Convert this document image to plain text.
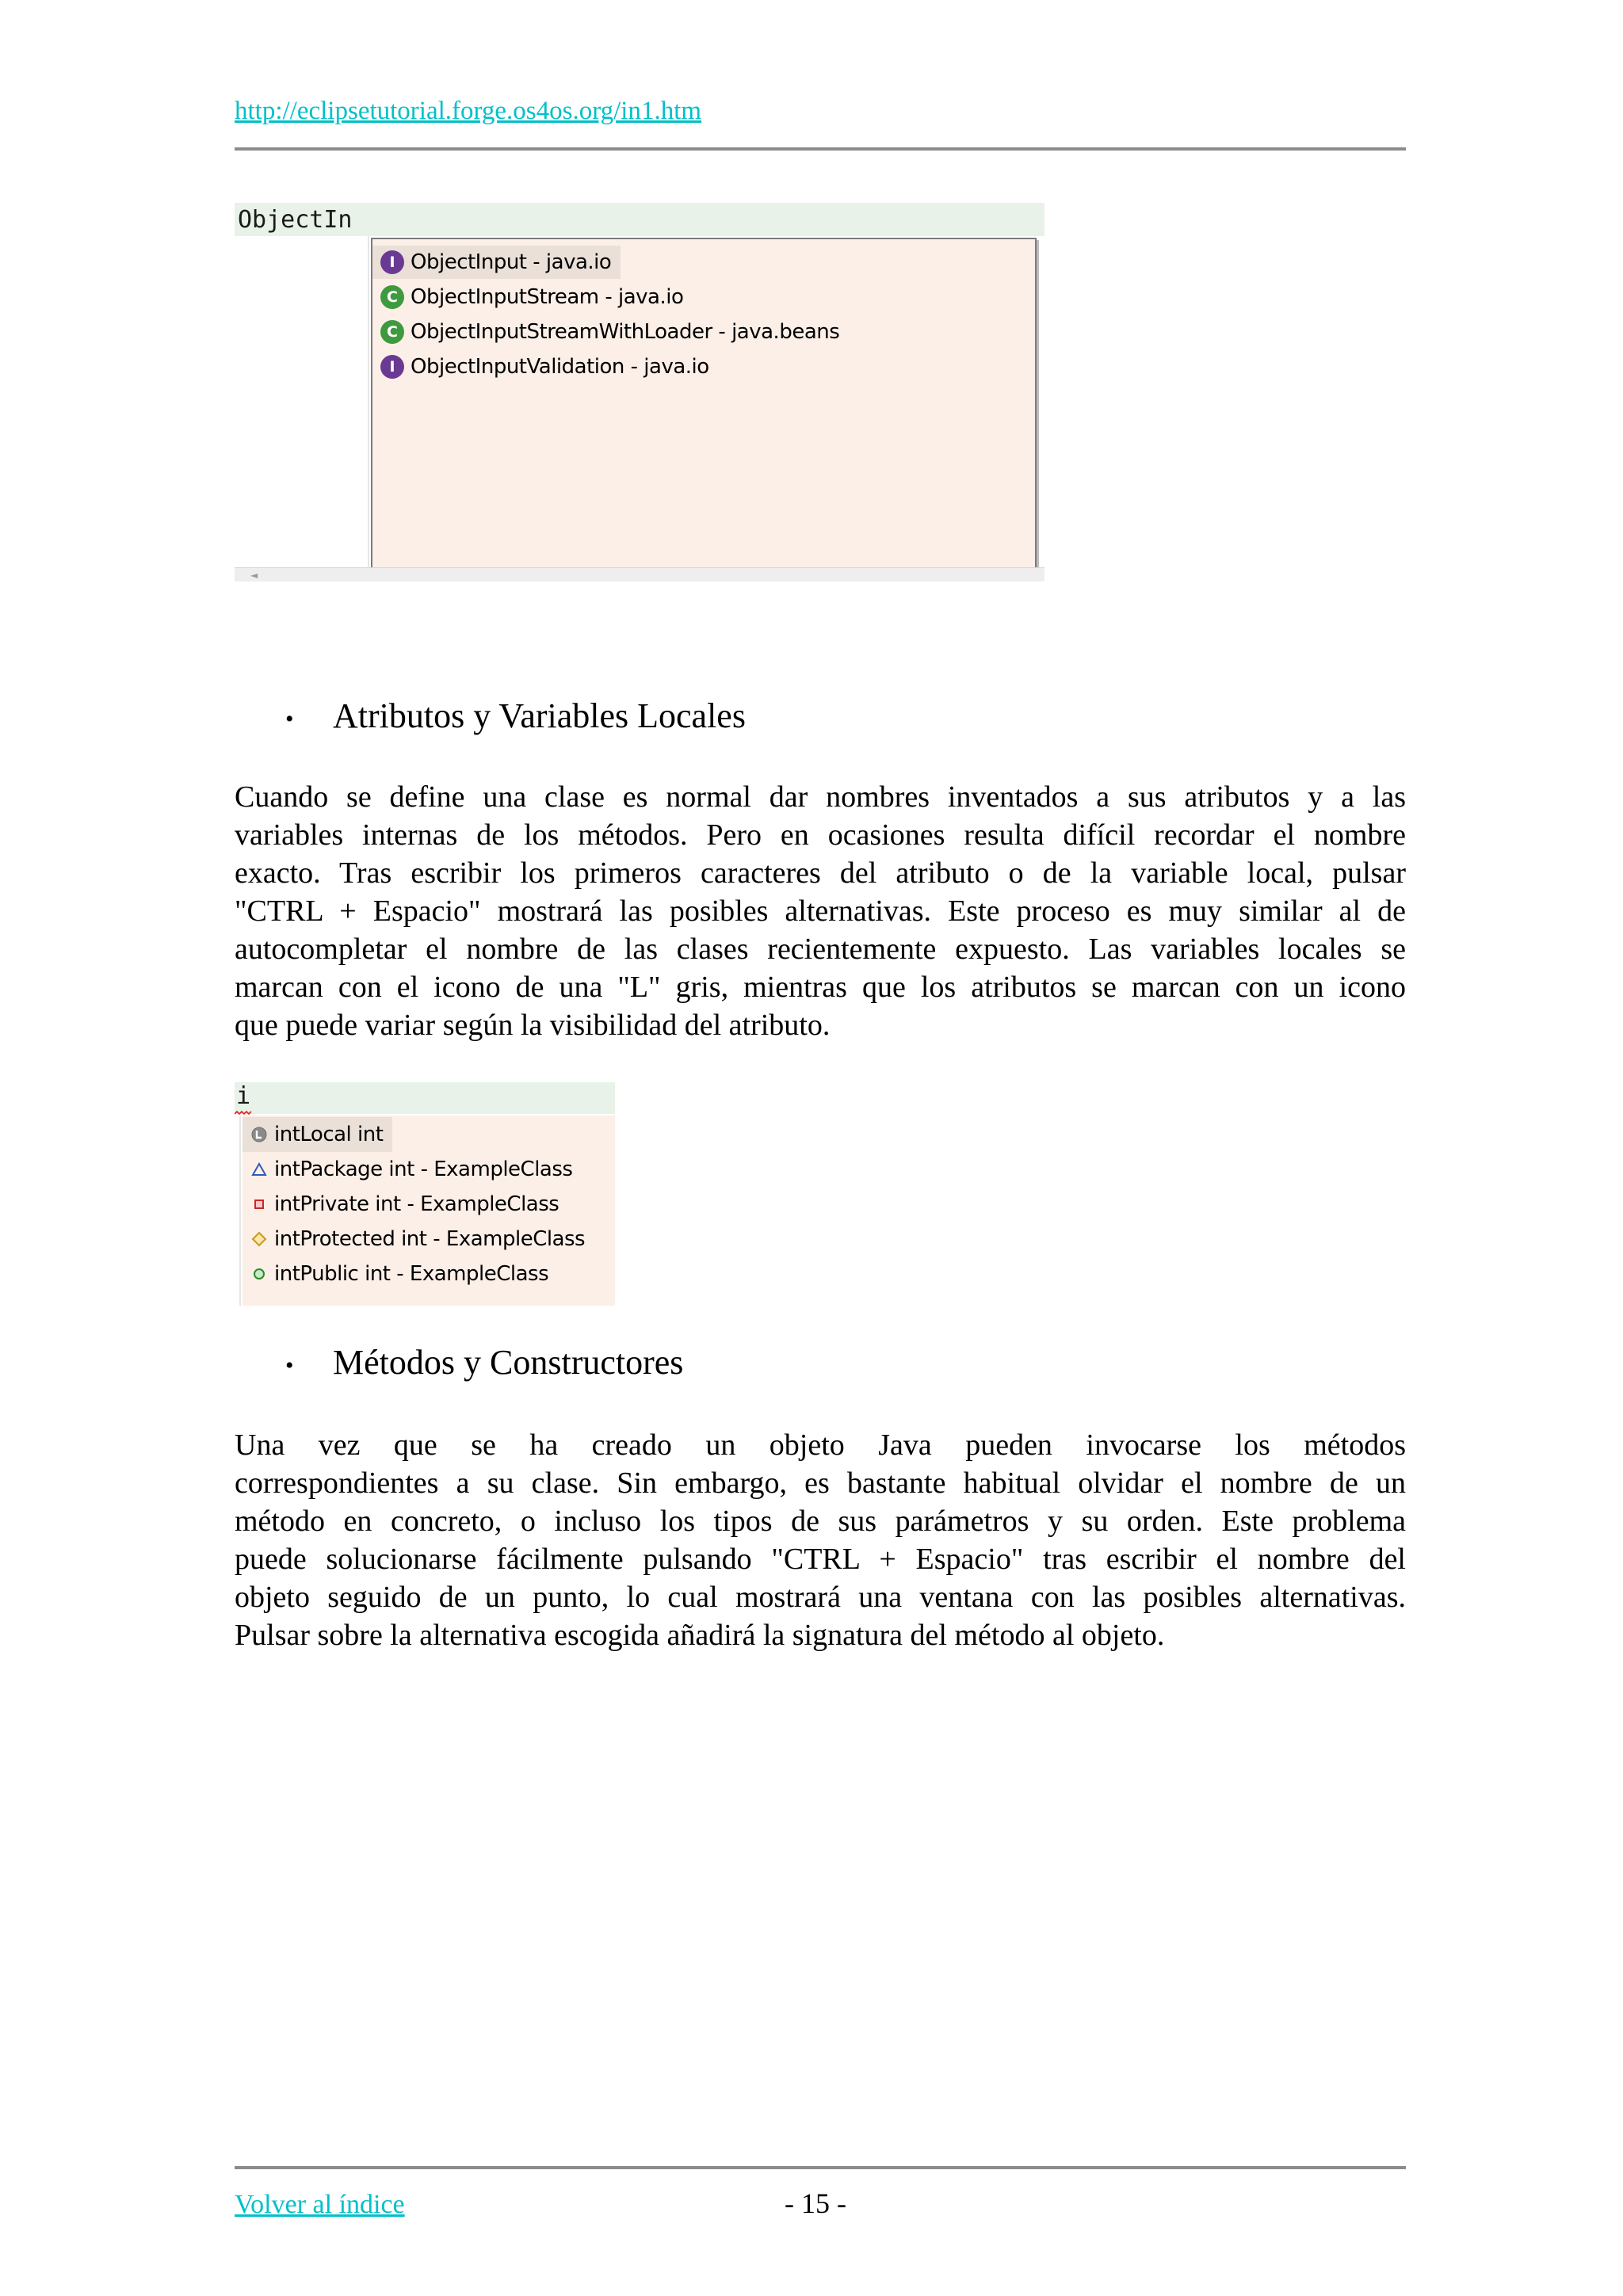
http://eclipsetutorial.forge.os4os.org/in1.htm
ObjectIn
I ObjectInput - java.io
C ObjectInputStream - java.io
C ObjectInputStreamWithLoader - java.beans
I ObjectInputValidation - java.io
◄
• Atributos y Variables Locales
Cuando se define una clase es normal dar nombres inventados a sus atributos y a las
variables internas de los métodos. Pero en ocasiones resulta difícil recordar el nombre
exacto. Tras escribir los primeros caracteres del atributo o de la variable local, pulsar
"CTRL + Espacio" mostrará las posibles alternativas. Este proceso es muy similar al de
autocompletar el nombre de las clases recientemente expuesto. Las variables locales se
marcan con el icono de una "L" gris, mientras que los atributos se marcan con un icono
que puede variar según la visibilidad del atributo.
i
intLocal int
intPackage int - ExampleClass
intPrivate int - ExampleClass
intProtected int - ExampleClass
intPublic int - ExampleClass
• Métodos y Constructores
Una vez que se ha creado un objeto Java pueden invocarse los métodos
correspondientes a su clase. Sin embargo, es bastante habitual olvidar el nombre de un
método en concreto, o incluso los tipos de sus parámetros y su orden. Este problema
puede solucionarse fácilmente pulsando "CTRL + Espacio" tras escribir el nombre del
objeto seguido de un punto, lo cual mostrará una ventana con las posibles alternativas.
Pulsar sobre la alternativa escogida añadirá la signatura del método al objeto.
Volver al índice	- 15 -
